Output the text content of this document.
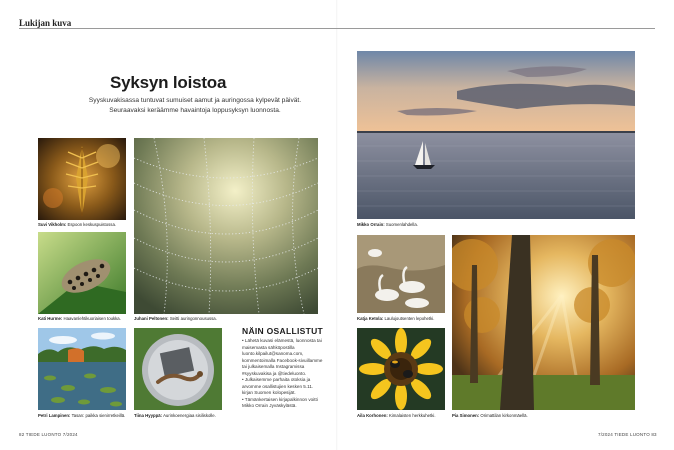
Lukijan kuva
Syksyn loistoa
Syyskuvakisassa tuntuvat sumuiset aamut ja auringossa kylpevät päivät. Seuraavaksi keräämme havaintoja loppusyksyn luonnosta.
Suvi Vikholm: Espoon keskuspuistossa.
Juhani Peltonen: Seitti auringonnousussa.
Kati Hurme: Haavanlehtikuoriaisen toukka.
Petri Lampinen: Tasan: paikka sienirretkeillä. Tiina Hyyppä: Aurinkoenergiaa sisiliskolle.
NÄIN OSALLISTUT

• Lähetä kuvasi elämestä, luonnosta tai maisemasta sähköpostilla luonto.kilpailut@sanoma.com, kommentoimalla Facebook-sivuillamme tai julkaisemalla Instagramissa #syyskuvakisa ja @tiedeluonto.

• Julkaisemme parhaita otoksia ja arvomme osallistujien kesken 5.11. kirjan Suomen kolopesijät.

• Tämänkertaisen kirjapalkinnon voitti Mikko Orrain Jyväskylästä.

Mikko Orrain: Suomenlahdella.
Katja Ketola: Laulujoutsenten lepohetki.
Aila Korhonen: Kimalaisten herkkuhetki.	Pia Simonen: Orimattilan kirkonmäellä.
82 TIEDE LUONTO 7/2024	7/2024 TIEDE LUONTO 83
